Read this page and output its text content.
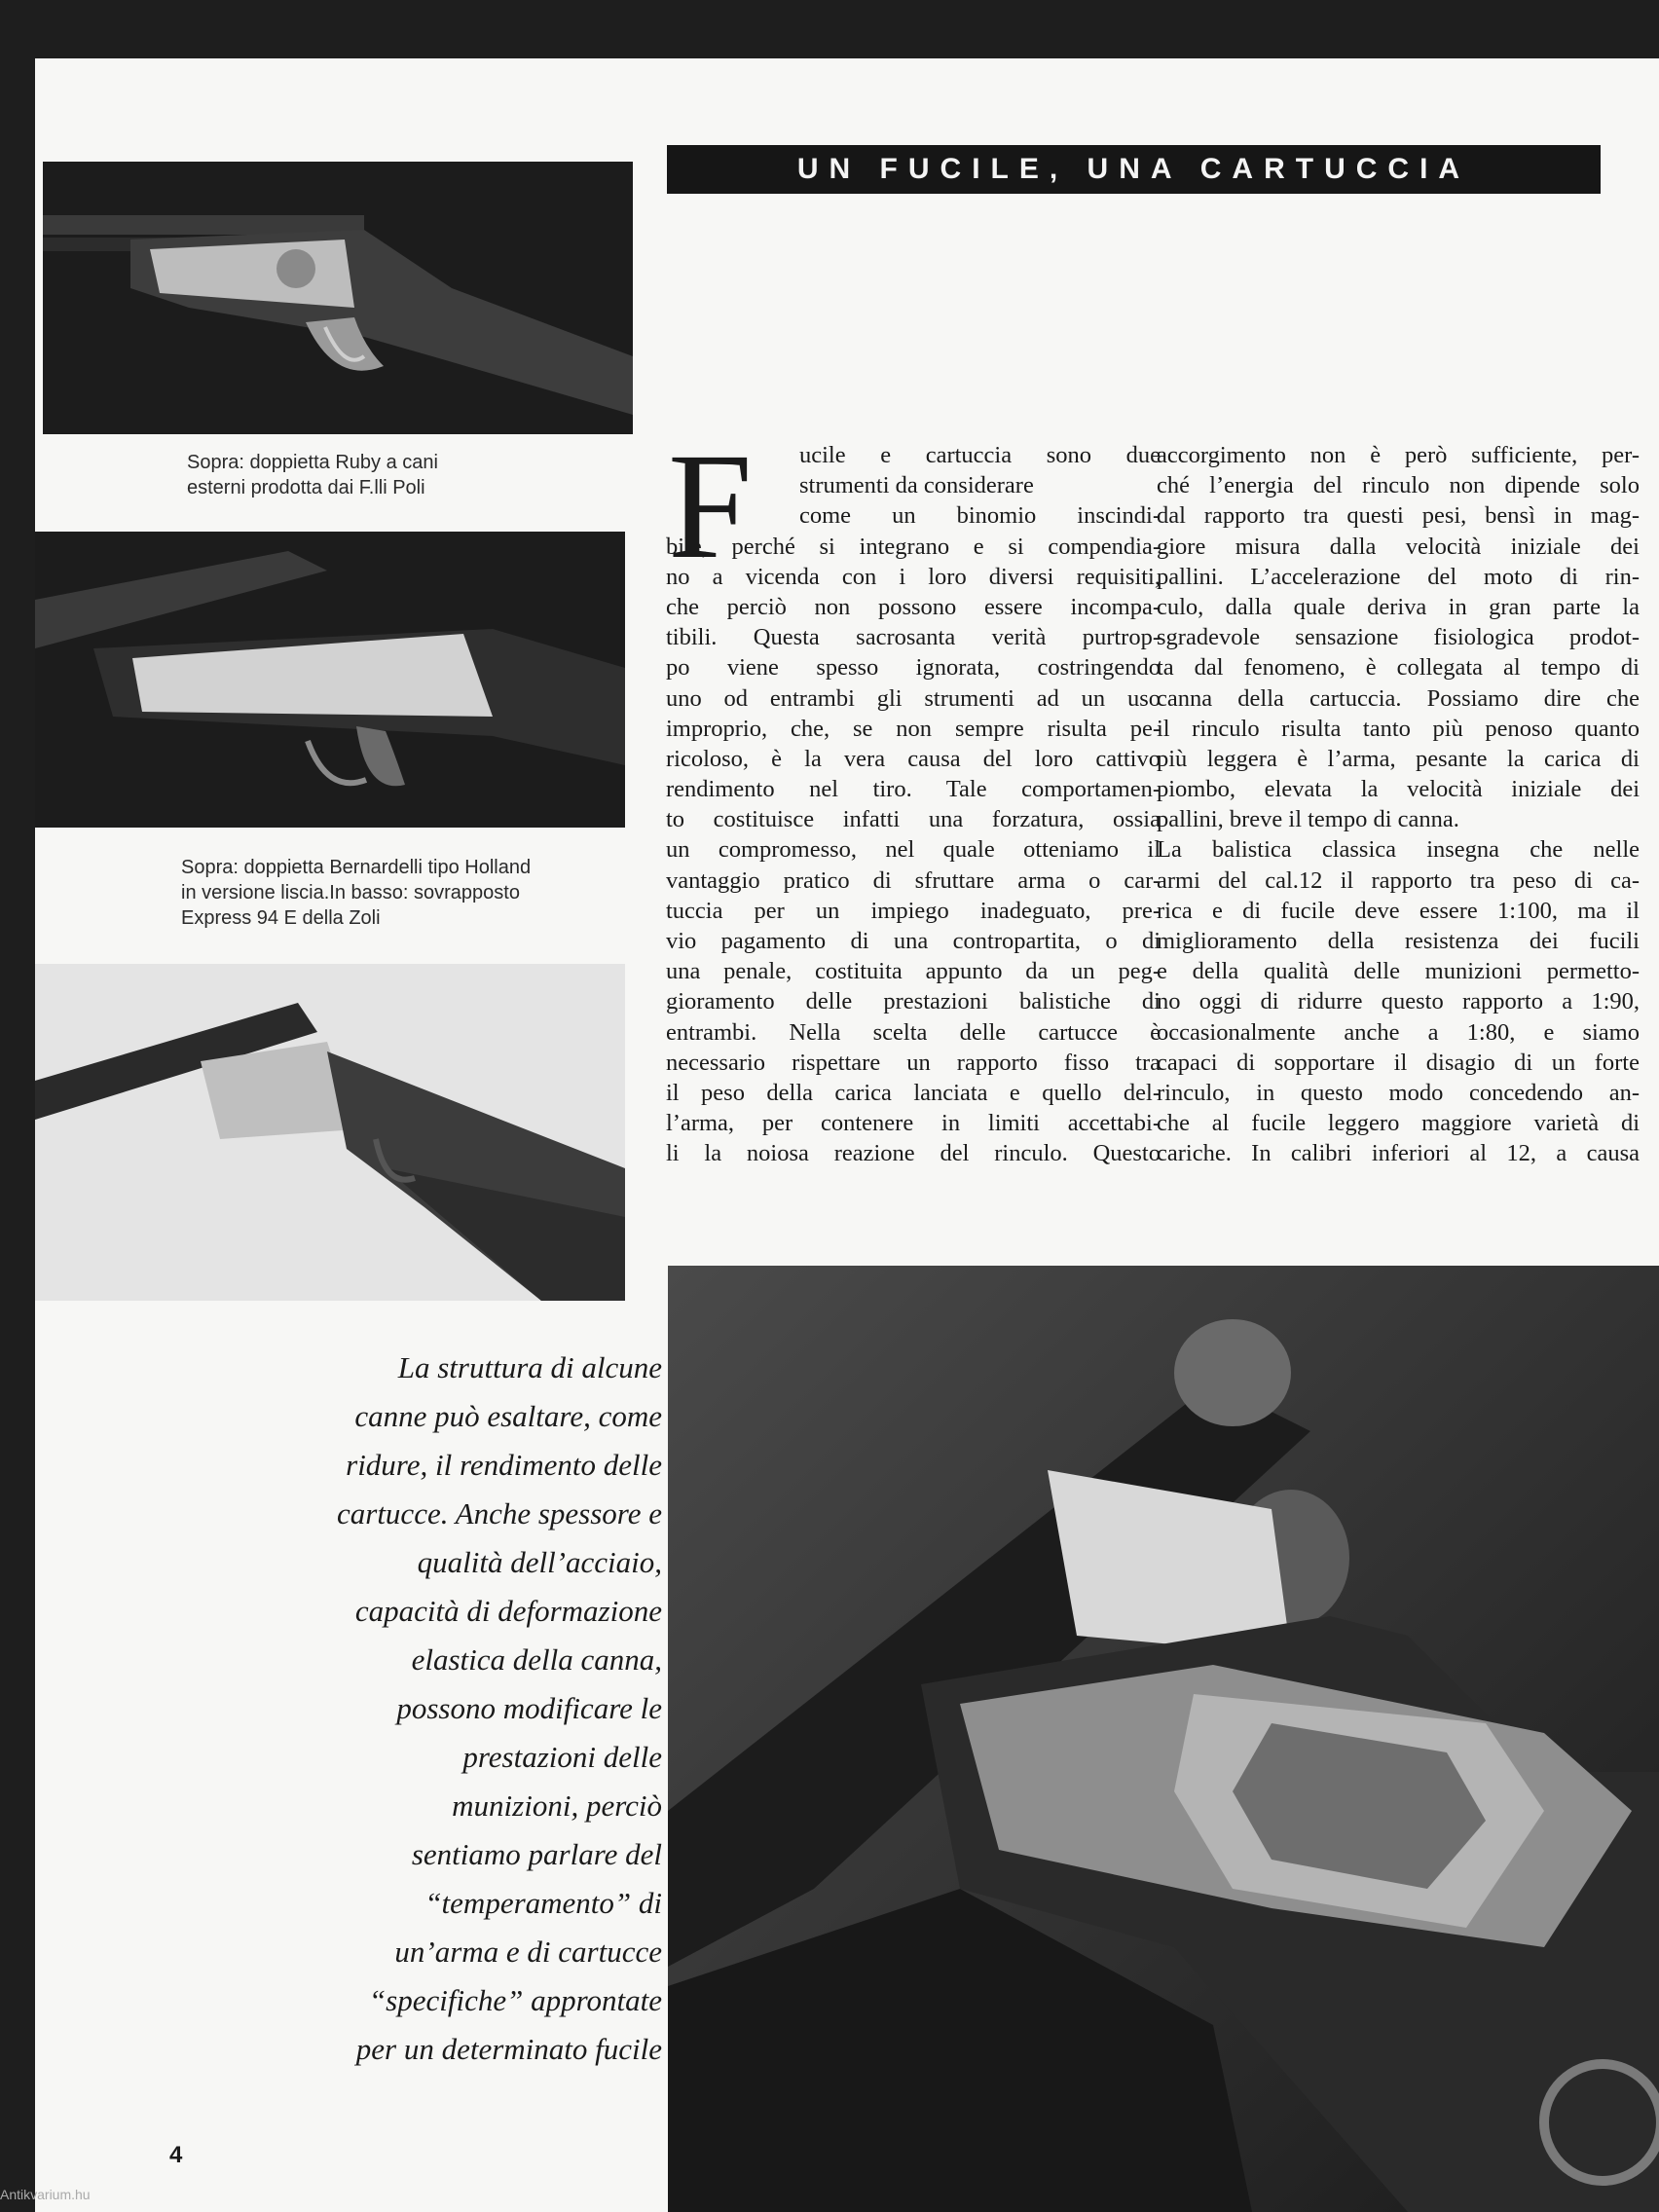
Sopra: doppietta Ruby a cani
esterni prodotta dai F.lli Poli
Sopra: doppietta Bernardelli tipo Holland
in versione liscia.In basso: sovrapposto
Express 94 E della Zoli
UN FUCILE, UNA CARTUCCIA
F	ucile e cartuccia sono due
strumenti da considerare
come un binomio inscindi-
bile, perché si integrano e si compendia-
no a vicenda con i loro diversi requisiti,
che perciò non possono essere incompa-
tibili. Questa sacrosanta verità purtrop-
po viene spesso ignorata, costringendo
uno od entrambi gli strumenti ad un uso
improprio, che, se non sempre risulta pe-
ricoloso, è la vera causa del loro cattivo
rendimento nel tiro. Tale comportamen-
to costituisce infatti una forzatura, ossia
un compromesso, nel quale otteniamo il
vantaggio pratico di sfruttare arma o car-
tuccia per un impiego inadeguato, pre-
vio pagamento di una contropartita, o di
una penale, costituita appunto da un peg-
gioramento delle prestazioni balistiche di
entrambi. Nella scelta delle cartucce è
necessario rispettare un rapporto fisso tra
il peso della carica lanciata e quello del-
l’arma, per contenere in limiti accettabi-
li la noiosa reazione del rinculo. Questo
accorgimento non è però sufficiente, per-
ché l’energia del rinculo non dipende solo
dal rapporto tra questi pesi, bensì in mag-
giore misura dalla velocità iniziale dei
pallini. L’accelerazione del moto di rin-
culo, dalla quale deriva in gran parte la
sgradevole sensazione fisiologica prodot-
ta dal fenomeno, è collegata al tempo di
canna della cartuccia. Possiamo dire che
il rinculo risulta tanto più penoso quanto
più leggera è l’arma, pesante la carica di
piombo, elevata la velocità iniziale dei
pallini, breve il tempo di canna.
La balistica classica insegna che nelle
armi del cal.12 il rapporto tra peso di ca-
rica e di fucile deve essere 1:100, ma il
miglioramento della resistenza dei fucili
e della qualità delle munizioni permetto-
no oggi di ridurre questo rapporto a 1:90,
occasionalmente anche a 1:80, e siamo
capaci di sopportare il disagio di un forte
rinculo, in questo modo concedendo an-
che al fucile leggero maggiore varietà di
cariche. In calibri inferiori al 12, a causa
La struttura di alcune
canne può esaltare, come
ridure, il rendimento delle
cartucce. Anche spessore e
qualità dell’acciaio,
capacità di deformazione
elastica della canna,
possono modificare le
prestazioni delle
munizioni, perciò
sentiamo parlare del
“temperamento” di
un’arma e di cartucce
“specifiche” approntate
per un determinato fucile
4
Antikvarium.hu
